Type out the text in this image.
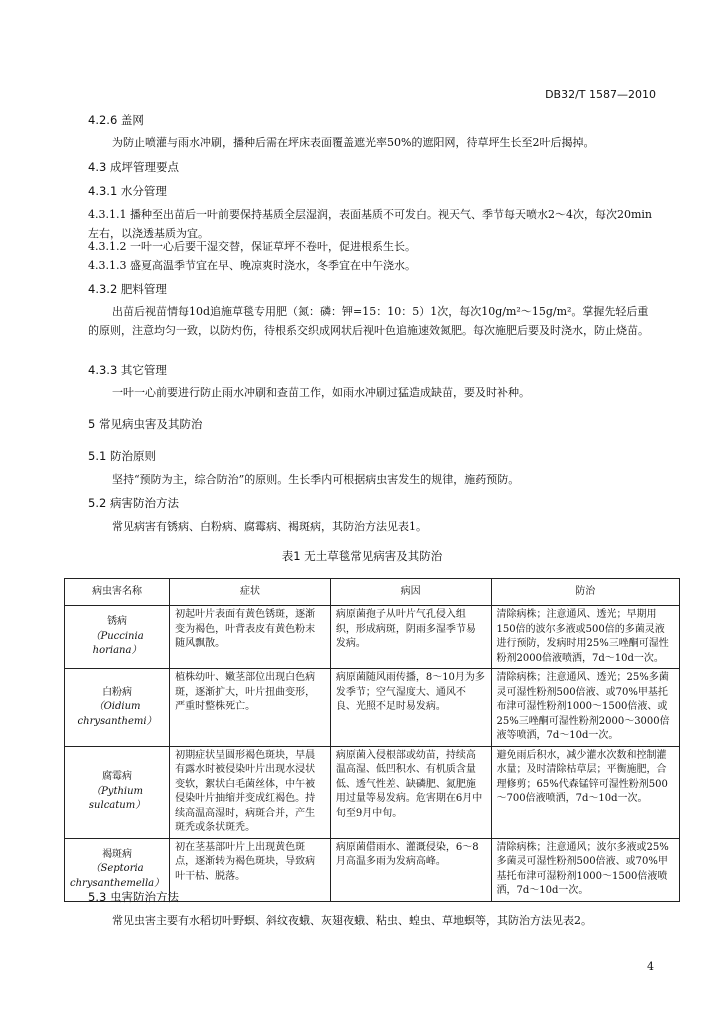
DB32/T 1587—2010
4.2.6 盖网
为防止喷灌与雨水冲刷，播种后需在坪床表面覆盖遮光率50%的遮阳网，待草坪生长至2叶后揭掉。
4.3 成坪管理要点
4.3.1 水分管理
4.3.1.1 播种至出苗后一叶前要保持基质全层湿润，表面基质不可发白。视天气、季节每天喷水2～4次，每次20min左右，以浇透基质为宜。
4.3.1.2 一叶一心后要干湿交替，保证草坪不卷叶，促进根系生长。
4.3.1.3 盛夏高温季节宜在早、晚凉爽时浇水，冬季宜在中午浇水。
4.3.2 肥料管理
出苗后视苗情每10d追施草毯专用肥（氮：磷：钾=15：10：5）1次，每次10g/m²～15g/m²。掌握先轻后重的原则，注意均匀一致，以防灼伤，待根系交织成网状后视叶色追施速效氮肥。每次施肥后要及时浇水，防止烧苗。
4.3.3 其它管理
一叶一心前要进行防止雨水冲刷和查苗工作，如雨水冲刷过猛造成缺苗，要及时补种。
5 常见病虫害及其防治
5.1 防治原则
坚持“预防为主，综合防治”的原则。生长季内可根据病虫害发生的规律，施药预防。
5.2 病害防治方法
常见病害有锈病、白粉病、腐霉病、褐斑病，其防治方法见表1。
5.3 虫害防治方法
常见虫害主要有水稻切叶野螟、斜纹夜蛾、灰翅夜蛾、粘虫、蝗虫、草地螟等，其防治方法见表2。
表1 无土草毯常见病害及其防治
病虫害名称	症状	病因	防治

锈病
（Puccinia horiana）	初起叶片表面有黄色锈斑，逐渐变为褐色，叶背表皮有黄色粉末随风飘散。	病原菌孢子从叶片气孔侵入组织，形成病斑，阴雨多湿季节易发病。	清除病株；注意通风、透光；早期用150倍的波尔多液或500倍的多菌灵液进行预防，发病时用25%三唑酮可湿性粉剂2000倍液喷洒，7d～10d一次。

白粉病
（Oidium chrysanthemi）	植株幼叶、嫩茎部位出现白色病斑，逐渐扩大，叶片扭曲变形，严重时整株死亡。	病原菌随风雨传播，8～10月为多发季节；空气湿度大、通风不良、光照不足时易发病。	清除病株；注意通风、透光；25%多菌灵可湿性粉剂500倍液、或70%甲基托布津可湿性粉剂1000～1500倍液、或25%三唑酮可湿性粉剂2000～3000倍液等喷洒，7d～10d一次。

腐霉病
（Pythium sulcatum）	初期症状呈圆形褐色斑块，早晨有露水时被侵染叶片出现水浸状变软，絮状白毛菌丝体，中午被侵染叶片抽缩并变成红褐色。持续高温高湿时，病斑合并，产生斑秃或条状斑秃。	病原菌入侵根部或幼苗，持续高温高湿、低凹积水、有机质含量低、透气性差、缺磷肥、氮肥施用过量等易发病。危害期在6月中旬至9月中旬。	避免雨后积水，减少灌水次数和控制灌水量；及时清除枯草层；平衡施肥，合理修剪；65%代森锰锌可湿性粉剂500～700倍液喷洒，7d～10d一次。

褐斑病
（Septoria chrysanthemella）	初在茎基部叶片上出现黄色斑点，逐渐转为褐色斑块，导致病叶干枯、脱落。	病原菌借雨水、灌溉侵染，6～8月高温多雨为发病高峰。	清除病株；注意通风；波尔多液或25%多菌灵可湿性粉剂500倍液、或70%甲基托布津可湿粉剂1000～1500倍液喷洒，7d～10d一次。
4
